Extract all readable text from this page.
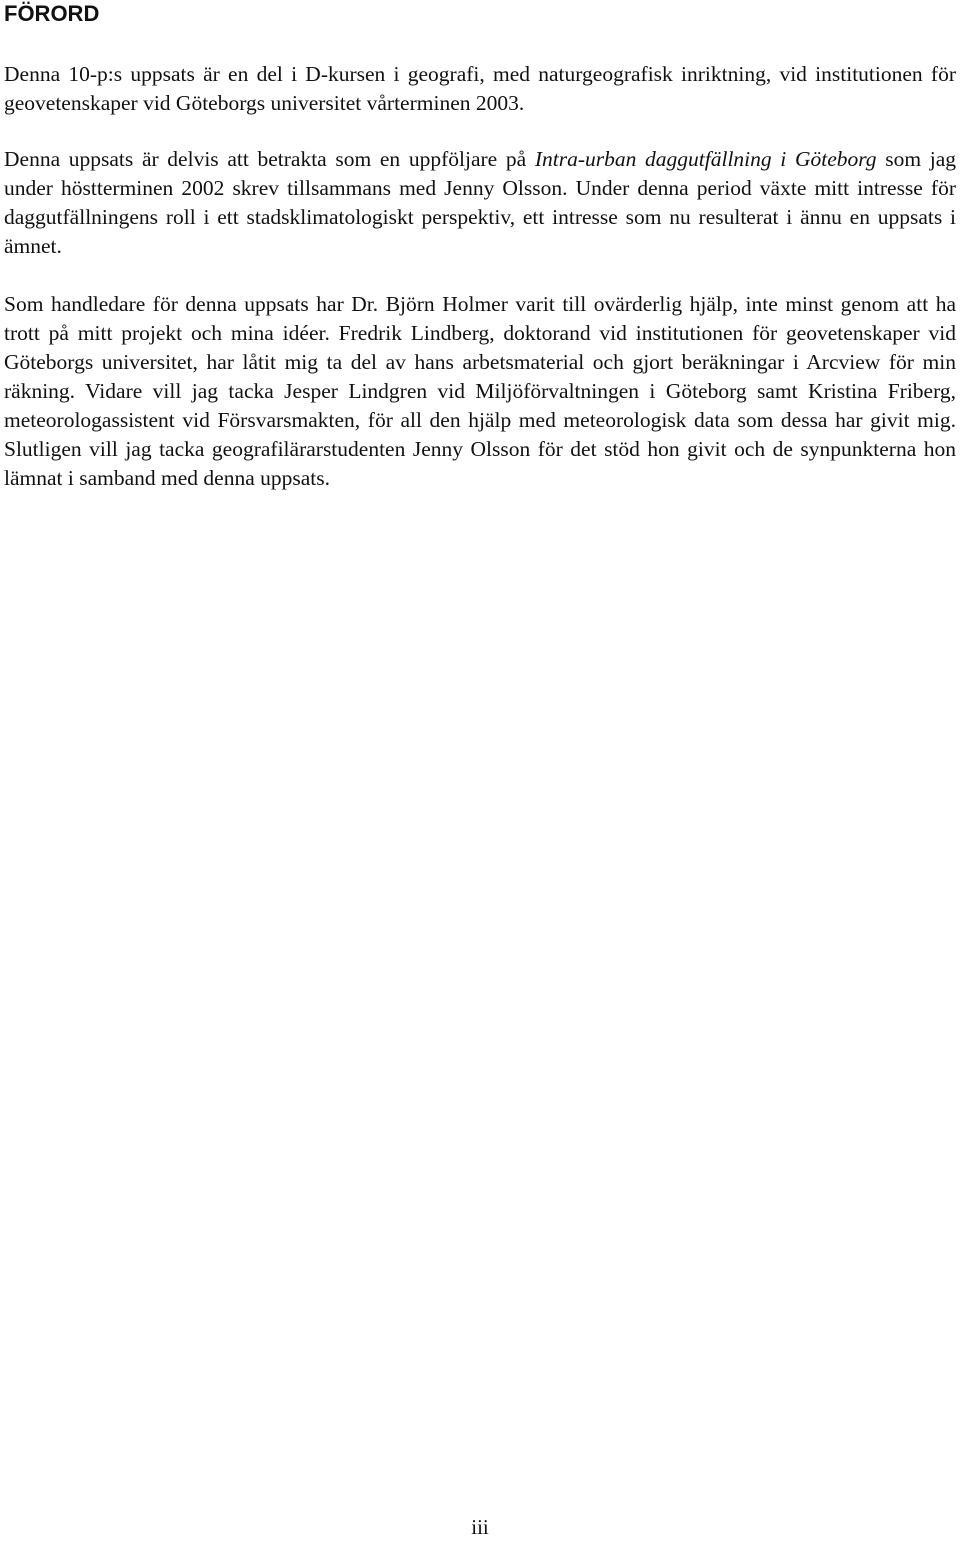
FÖRORD

Denna 10-p:s uppsats är en del i D-kursen i geografi, med naturgeografisk inriktning, vid institutionen för geovetenskaper vid Göteborgs universitet vårterminen 2003.

Denna uppsats är delvis att betrakta som en uppföljare på Intra-urban daggutfällning i Göteborg som jag under höstterminen 2002 skrev tillsammans med Jenny Olsson. Under denna period växte mitt intresse för daggutfällningens roll i ett stadsklimatologiskt perspektiv, ett intresse som nu resulterat i ännu en uppsats i ämnet.

Som handledare för denna uppsats har Dr. Björn Holmer varit till ovärderlig hjälp, inte minst genom att ha trott på mitt projekt och mina idéer. Fredrik Lindberg, doktorand vid institutionen för geovetenskaper vid Göteborgs universitet, har låtit mig ta del av hans arbetsmaterial och gjort beräkningar i Arcview för min räkning. Vidare vill jag tacka Jesper Lindgren vid Miljöförvaltningen i Göteborg samt Kristina Friberg, meteorologassistent vid Försvarsmakten, för all den hjälp med meteorologisk data som dessa har givit mig. Slutligen vill jag tacka geografilärarstudenten Jenny Olsson för det stöd hon givit och de synpunkterna hon lämnat i samband med denna uppsats.

iii
